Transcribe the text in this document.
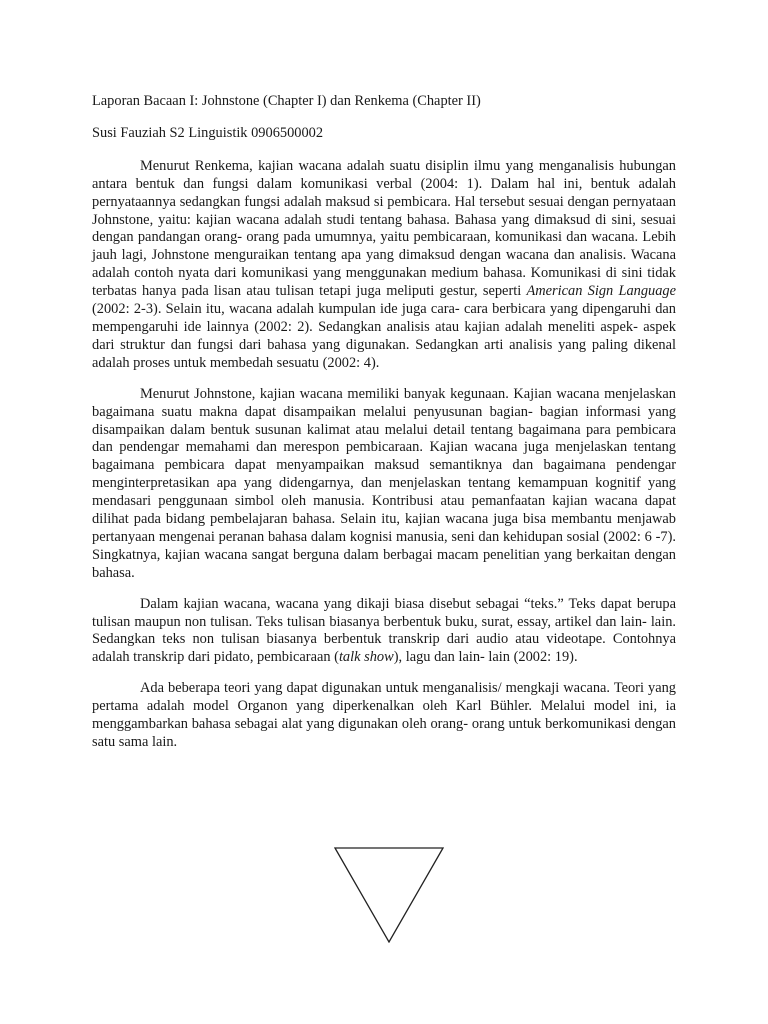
Laporan Bacaan I: Johnstone (Chapter I) dan Renkema (Chapter II)

Susi Fauziah S2 Linguistik 0906500002

Menurut Renkema, kajian wacana adalah suatu disiplin ilmu yang menganalisis hubungan antara bentuk dan fungsi dalam komunikasi verbal (2004: 1). Dalam hal ini, bentuk adalah pernyataannya sedangkan fungsi adalah maksud si pembicara. Hal tersebut sesuai dengan pernyataan Johnstone, yaitu: kajian wacana adalah studi tentang bahasa. Bahasa yang dimaksud di sini, sesuai dengan pandangan orang- orang pada umumnya, yaitu pembicaraan, komunikasi dan wacana. Lebih jauh lagi, Johnstone menguraikan tentang apa yang dimaksud dengan wacana dan analisis. Wacana adalah contoh nyata dari komunikasi yang menggunakan medium bahasa. Komunikasi di sini tidak terbatas hanya pada lisan atau tulisan tetapi juga meliputi gestur, seperti American Sign Language (2002: 2-3). Selain itu, wacana adalah kumpulan ide juga cara- cara berbicara yang dipengaruhi dan mempengaruhi ide lainnya (2002: 2). Sedangkan analisis atau kajian adalah meneliti aspek- aspek dari struktur dan fungsi dari bahasa yang digunakan. Sedangkan arti analisis yang paling dikenal adalah proses untuk membedah sesuatu (2002: 4).

Menurut Johnstone, kajian wacana memiliki banyak kegunaan. Kajian wacana menjelaskan bagaimana suatu makna dapat disampaikan melalui penyusunan bagian- bagian informasi yang disampaikan dalam bentuk susunan kalimat atau melalui detail tentang bagaimana para pembicara dan pendengar memahami dan merespon pembicaraan. Kajian wacana juga menjelaskan tentang bagaimana pembicara dapat menyampaikan maksud semantiknya dan bagaimana pendengar menginterpretasikan apa yang didengarnya, dan menjelaskan tentang kemampuan kognitif yang mendasari penggunaan simbol oleh manusia. Kontribusi atau pemanfaatan kajian wacana dapat dilihat pada bidang pembelajaran bahasa. Selain itu, kajian wacana juga bisa membantu menjawab pertanyaan mengenai peranan bahasa dalam kognisi manusia, seni dan kehidupan sosial (2002: 6 -7). Singkatnya, kajian wacana sangat berguna dalam berbagai macam penelitian yang berkaitan dengan bahasa.

Dalam kajian wacana, wacana yang dikaji biasa disebut sebagai “teks.” Teks dapat berupa tulisan maupun non tulisan. Teks tulisan biasanya berbentuk buku, surat, essay, artikel dan lain- lain. Sedangkan teks non tulisan biasanya berbentuk transkrip dari audio atau videotape. Contohnya adalah transkrip dari pidato, pembicaraan (talk show), lagu dan lain- lain (2002: 19).

Ada beberapa teori yang dapat digunakan untuk menganalisis/ mengkaji wacana. Teori yang pertama adalah model Organon yang diperkenalkan oleh Karl Bühler. Melalui model ini, ia menggambarkan bahasa sebagai alat yang digunakan oleh orang- orang untuk berkomunikasi dengan satu sama lain.
